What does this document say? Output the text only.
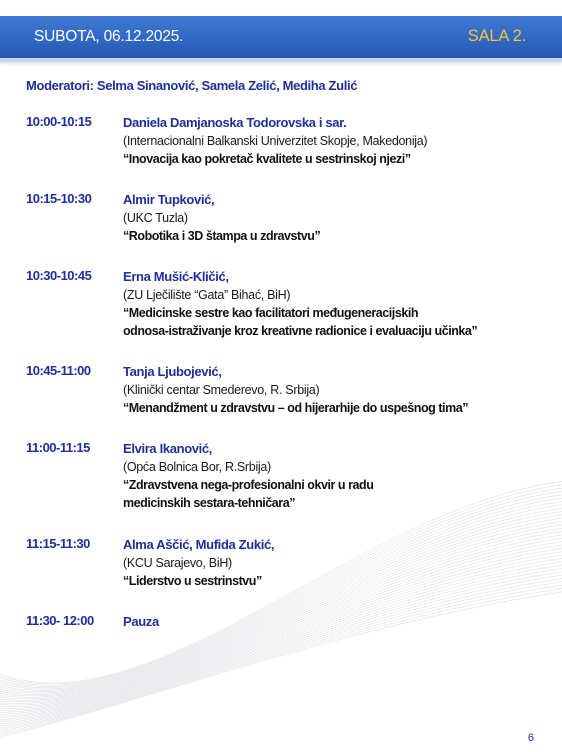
SUBOTA, 06.12.2025.	SALA 2.
Moderatori: Selma Sinanović, Samela Zelić, Mediha Zulić
10:00-10:15 Daniela Damjanoska Todorovska i sar.
(Internacionalni Balkanski Univerzitet Skopje, Makedonija)
“Inovacija kao pokretač kvalitete u sestrinskoj njezi”
10:15-10:30 Almir Tupković,
(UKC Tuzla)
“Robotika i 3D štampa u zdravstvu”
10:30-10:45 Erna Mušić-Kličić,
(ZU Lječilište “Gata” Bihać, BiH)
“Medicinske sestre kao facilitatori međugeneracijskih
odnosa-istraživanje kroz kreativne radionice i evaluaciju učinka”
10:45-11:00 Tanja Ljubojević,
(Klinički centar Smederevo, R. Srbija)
“Menandžment u zdravstvu – od hijerarhije do uspešnog tima”
11:00-11:15	Elvira Ikanović,
(Opća Bolnica Bor, R.Srbija)
“Zdravstvena nega-profesionalni okvir u radu
medicinskih sestara-tehničara”
11:15-11:30	Alma Aščić, Mufida Zukić,
(KCU Sarajevo, BiH)
“Liderstvo u sestrinstvu”
11:30- 12:00 Pauza
6
